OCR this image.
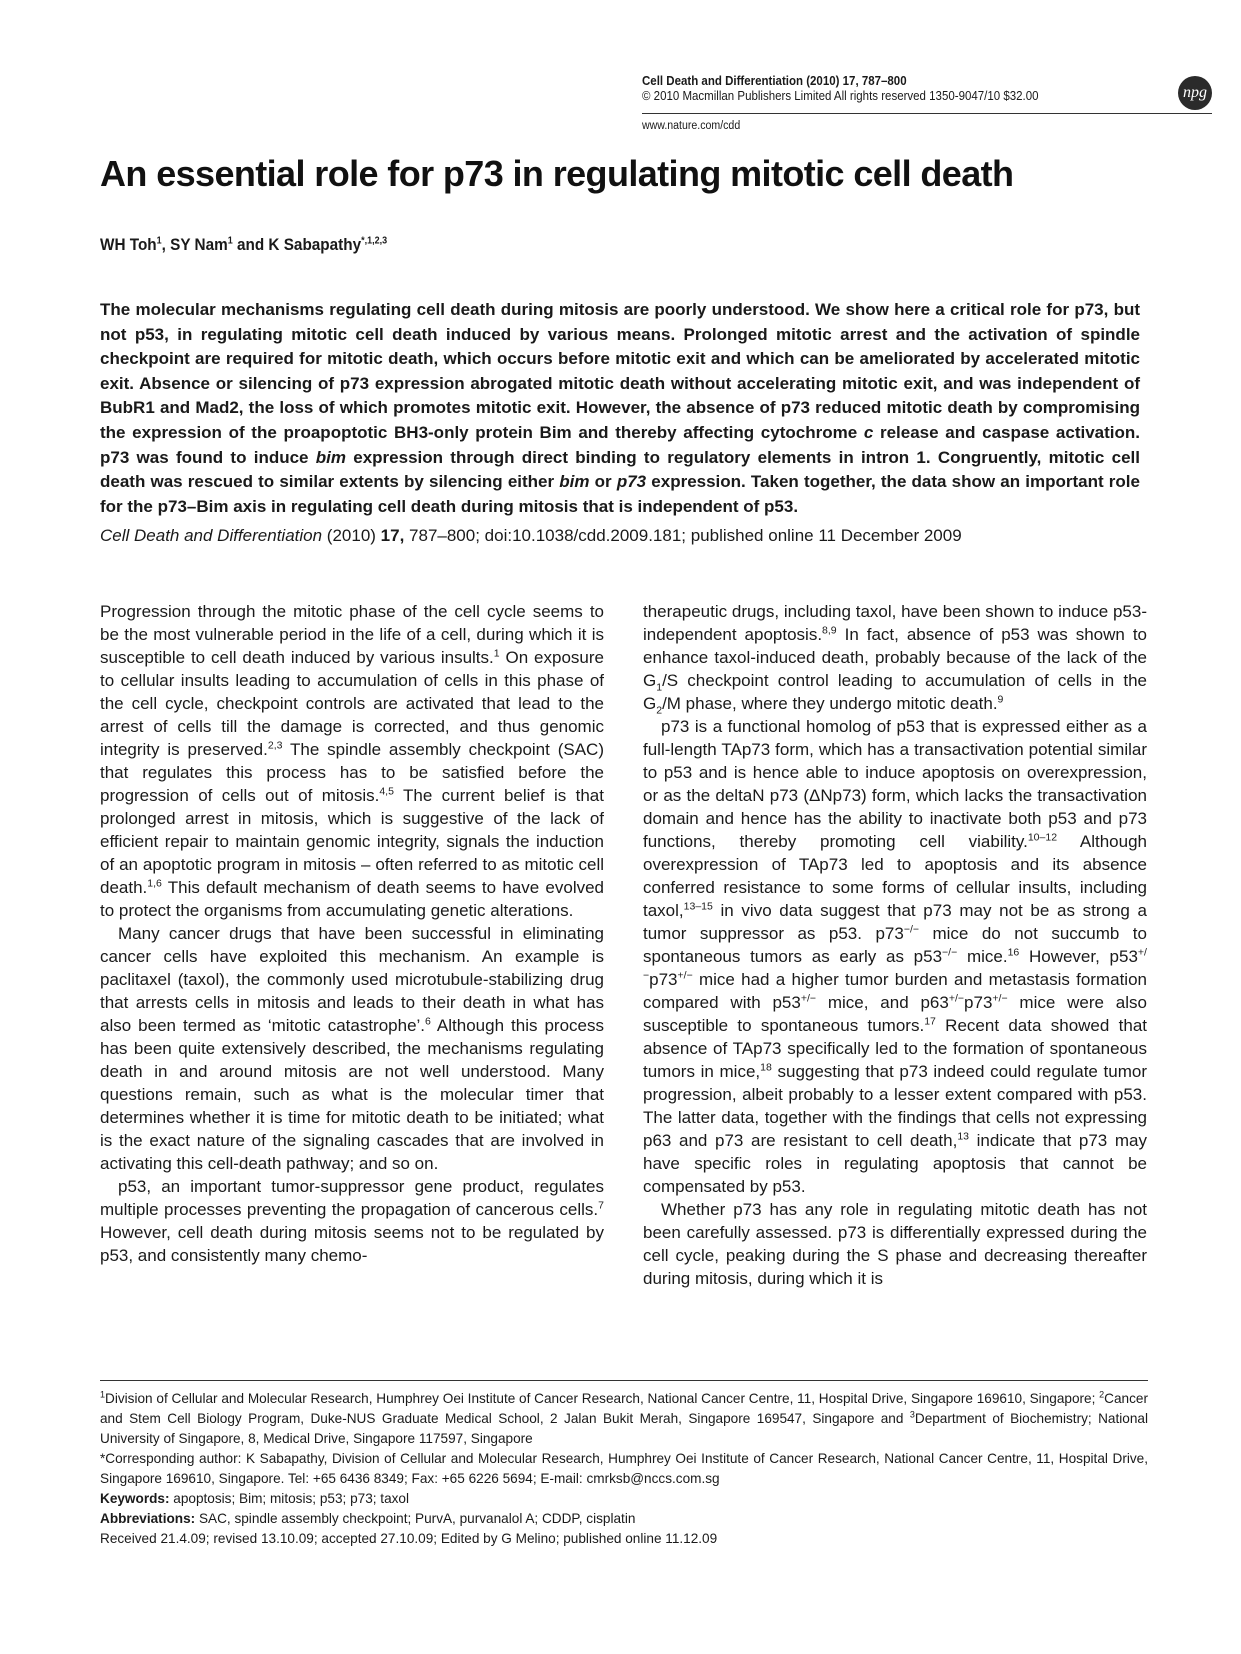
Cell Death and Differentiation (2010) 17, 787–800
© 2010 Macmillan Publishers Limited All rights reserved 1350-9047/10 $32.00
www.nature.com/cdd
npg
An essential role for p73 in regulating mitotic cell death
WH Toh$^1$, SY Nam$^1$ and K Sabapathy$^{*,1,2,3}$

The molecular mechanisms regulating cell death during mitosis are poorly understood. We show here a critical role for p73, but not p53, in regulating mitotic cell death induced by various means. Prolonged mitotic arrest and the activation of spindle checkpoint are required for mitotic death, which occurs before mitotic exit and which can be ameliorated by accelerated mitotic exit. Absence or silencing of p73 expression abrogated mitotic death without accelerating mitotic exit, and was independent of BubR1 and Mad2, the loss of which promotes mitotic exit. However, the absence of p73 reduced mitotic death by compromising the expression of the proapoptotic BH3-only protein Bim and thereby affecting cytochrome c release and caspase activation. p73 was found to induce bim expression through direct binding to regulatory elements in intron 1. Congruently, mitotic cell death was rescued to similar extents by silencing either bim or p73 expression. Taken together, the data show an important role for the p73–Bim axis in regulating cell death during mitosis that is independent of p53.

Cell Death and Differentiation (2010) 17, 787–800; doi:10.1038/cdd.2009.181; published online 11 December 2009

Progression through the mitotic phase of the cell cycle seems to be the most vulnerable period in the life of a cell, during which it is susceptible to cell death induced by various insults.$^1$ On exposure to cellular insults leading to accumulation of cells in this phase of the cell cycle, checkpoint controls are activated that lead to the arrest of cells till the damage is corrected, and thus genomic integrity is preserved.$^{2,3}$ The spindle assembly checkpoint (SAC) that regulates this process has to be satisfied before the progression of cells out of mitosis.$^{4,5}$ The current belief is that prolonged arrest in mitosis, which is suggestive of the lack of efficient repair to maintain genomic integrity, signals the induction of an apoptotic program in mitosis – often referred to as mitotic cell death.$^{1,6}$ This default mechanism of death seems to have evolved to protect the organisms from accumulating genetic alterations.

Many cancer drugs that have been successful in eliminating cancer cells have exploited this mechanism. An example is paclitaxel (taxol), the commonly used microtubule-stabilizing drug that arrests cells in mitosis and leads to their death in what has also been termed as ‘mitotic catastrophe’.$^6$ Although this process has been quite extensively described, the mechanisms regulating death in and around mitosis are not well understood. Many questions remain, such as what is the molecular timer that determines whether it is time for mitotic death to be initiated; what is the exact nature of the signaling cascades that are involved in activating this cell-death pathway; and so on.

p53, an important tumor-suppressor gene product, regulates multiple processes preventing the propagation of cancerous cells.$^7$ However, cell death during mitosis seems not to be regulated by p53, and consistently many chemo-

therapeutic drugs, including taxol, have been shown to induce p53-independent apoptosis.$^{8,9}$ In fact, absence of p53 was shown to enhance taxol-induced death, probably because of the lack of the $G_1/S$ checkpoint control leading to accumulation of cells in the $G_2/M$ phase, where they undergo mitotic death.$^9$

p73 is a functional homolog of p53 that is expressed either as a full-length TAp73 form, which has a transactivation potential similar to p53 and is hence able to induce apoptosis on overexpression, or as the deltaN p73 (ΔNp73) form, which lacks the transactivation domain and hence has the ability to inactivate both p53 and p73 functions, thereby promoting cell viability.$^{10-12}$ Although overexpression of TAp73 led to apoptosis and its absence conferred resistance to some forms of cellular insults, including taxol,$^{13-15}$ in vivo data suggest that p73 may not be as strong a tumor suppressor as p53. p73−/− mice do not succumb to spontaneous tumors as early as p53−/− mice.$^{16}$ However, p53+/−p73+/− mice had a higher tumor burden and metastasis formation compared with p53+/− mice, and p63+/−p73+/− mice were also susceptible to spontaneous tumors.$^{17}$ Recent data showed that absence of TAp73 specifically led to the formation of spontaneous tumors in mice,$^{18}$ suggesting that p73 indeed could regulate tumor progression, albeit probably to a lesser extent compared with p53. The latter data, together with the findings that cells not expressing p63 and p73 are resistant to cell death,$^{13}$ indicate that p73 may have specific roles in regulating apoptosis that cannot be compensated by p53.

Whether p73 has any role in regulating mitotic death has not been carefully assessed. p73 is differentially expressed during the cell cycle, peaking during the S phase and decreasing thereafter during mitosis, during which it is

$^1$Division of Cellular and Molecular Research, Humphrey Oei Institute of Cancer Research, National Cancer Centre, 11, Hospital Drive, Singapore 169610, Singapore; $^2$Cancer and Stem Cell Biology Program, Duke-NUS Graduate Medical School, 2 Jalan Bukit Merah, Singapore 169547, Singapore and $^3$Department of Biochemistry; National University of Singapore, 8, Medical Drive, Singapore 117597, Singapore

*Corresponding author: K Sabapathy, Division of Cellular and Molecular Research, Humphrey Oei Institute of Cancer Research, National Cancer Centre, 11, Hospital Drive, Singapore 169610, Singapore. Tel: +65 6436 8349; Fax: +65 6226 5694; E-mail: cmrksb@nccs.com.sg

Keywords: apoptosis; Bim; mitosis; p53; p73; taxol

Abbreviations: SAC, spindle assembly checkpoint; PurvA, purvanalol A; CDDP, cisplatin

Received 21.4.09; revised 13.10.09; accepted 27.10.09; Edited by G Melino; published online 11.12.09
